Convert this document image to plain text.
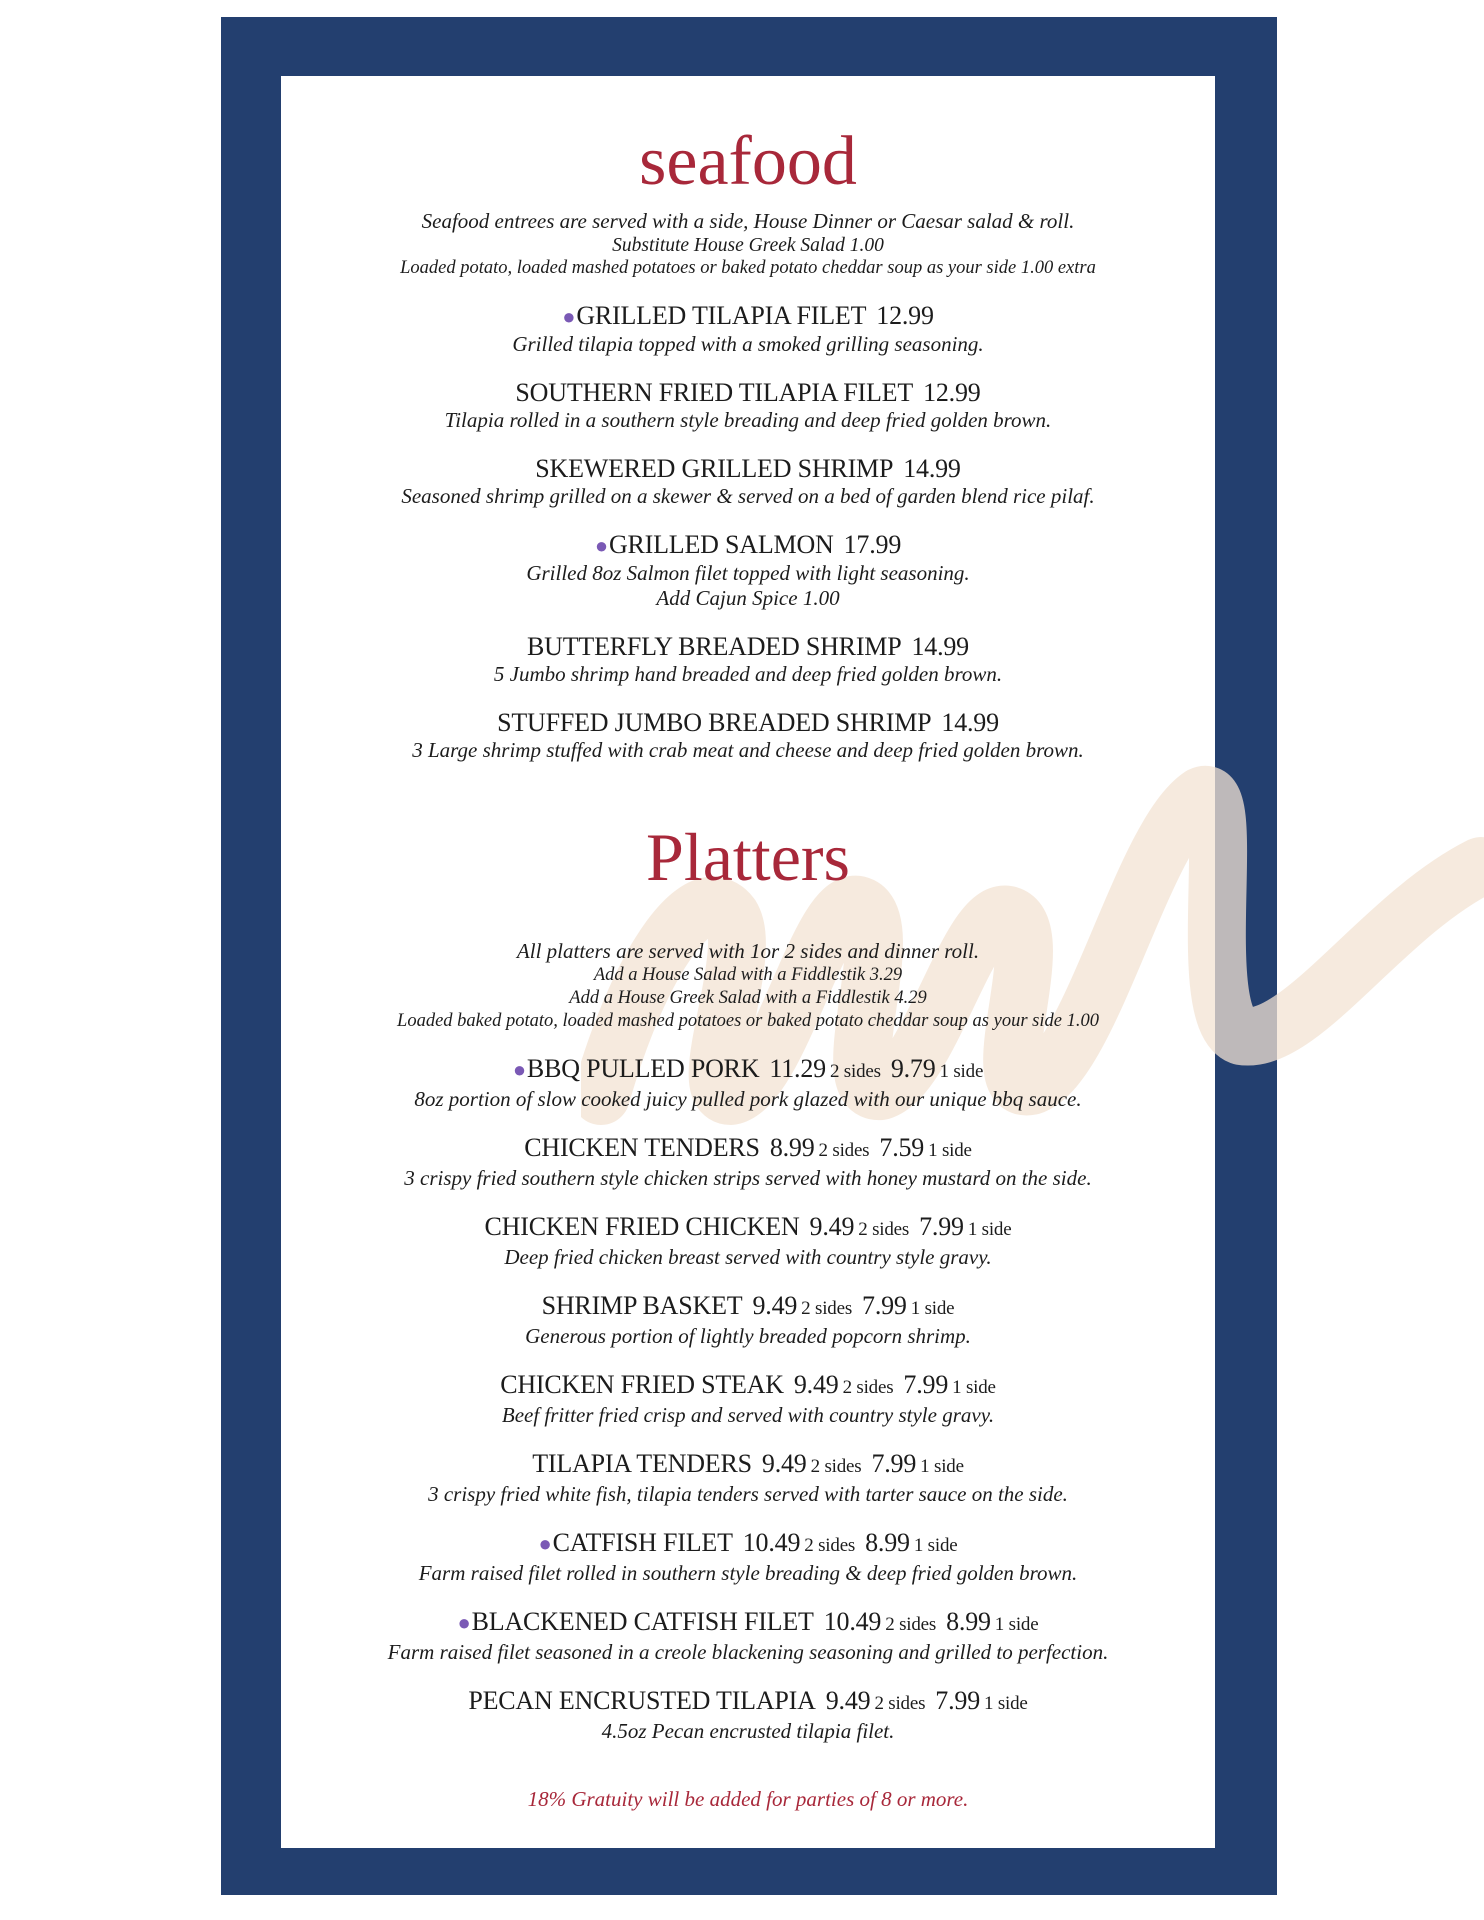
seafood
Seafood entrees are served with a side, House Dinner or Caesar salad & roll.
Substitute House Greek Salad 1.00
Loaded potato, loaded mashed potatoes or baked potato cheddar soup as your side 1.00 extra
●GRILLED TILAPIA FILET 12.99
Grilled tilapia topped with a smoked grilling seasoning.
SOUTHERN FRIED TILAPIA FILET 12.99
Tilapia rolled in a southern style breading and deep fried golden brown.
SKEWERED GRILLED SHRIMP 14.99
Seasoned shrimp grilled on a skewer & served on a bed of garden blend rice pilaf.
●GRILLED SALMON 17.99
Grilled 8oz Salmon filet topped with light seasoning.
Add Cajun Spice 1.00
BUTTERFLY BREADED SHRIMP 14.99
5 Jumbo shrimp hand breaded and deep fried golden brown.
STUFFED JUMBO BREADED SHRIMP 14.99
3 Large shrimp stuffed with crab meat and cheese and deep fried golden brown.
Platters
All platters are served with 1or 2 sides and dinner roll.
Add a House Salad with a Fiddlestik 3.29
Add a House Greek Salad with a Fiddlestik 4.29
Loaded baked potato, loaded mashed potatoes or baked potato cheddar soup as your side 1.00
●BBQ PULLED PORK 11.29 2 sides 9.79 1 side
8oz portion of slow cooked juicy pulled pork glazed with our unique bbq sauce.
CHICKEN TENDERS 8.99 2 sides 7.59 1 side
3 crispy fried southern style chicken strips served with honey mustard on the side.
CHICKEN FRIED CHICKEN 9.49 2 sides 7.99 1 side
Deep fried chicken breast served with country style gravy.
SHRIMP BASKET 9.49 2 sides 7.99 1 side
Generous portion of lightly breaded popcorn shrimp.
CHICKEN FRIED STEAK 9.49 2 sides 7.99 1 side
Beef fritter fried crisp and served with country style gravy.
TILAPIA TENDERS 9.49 2 sides 7.99 1 side
3 crispy fried white fish, tilapia tenders served with tarter sauce on the side.
●CATFISH FILET 10.49 2 sides 8.99 1 side
Farm raised filet rolled in southern style breading & deep fried golden brown.
●BLACKENED CATFISH FILET 10.49 2 sides 8.99 1 side
Farm raised filet seasoned in a creole blackening seasoning and grilled to perfection.
PECAN ENCRUSTED TILAPIA 9.49 2 sides 7.99 1 side
4.5oz Pecan encrusted tilapia filet.
18% Gratuity will be added for parties of 8 or more.
